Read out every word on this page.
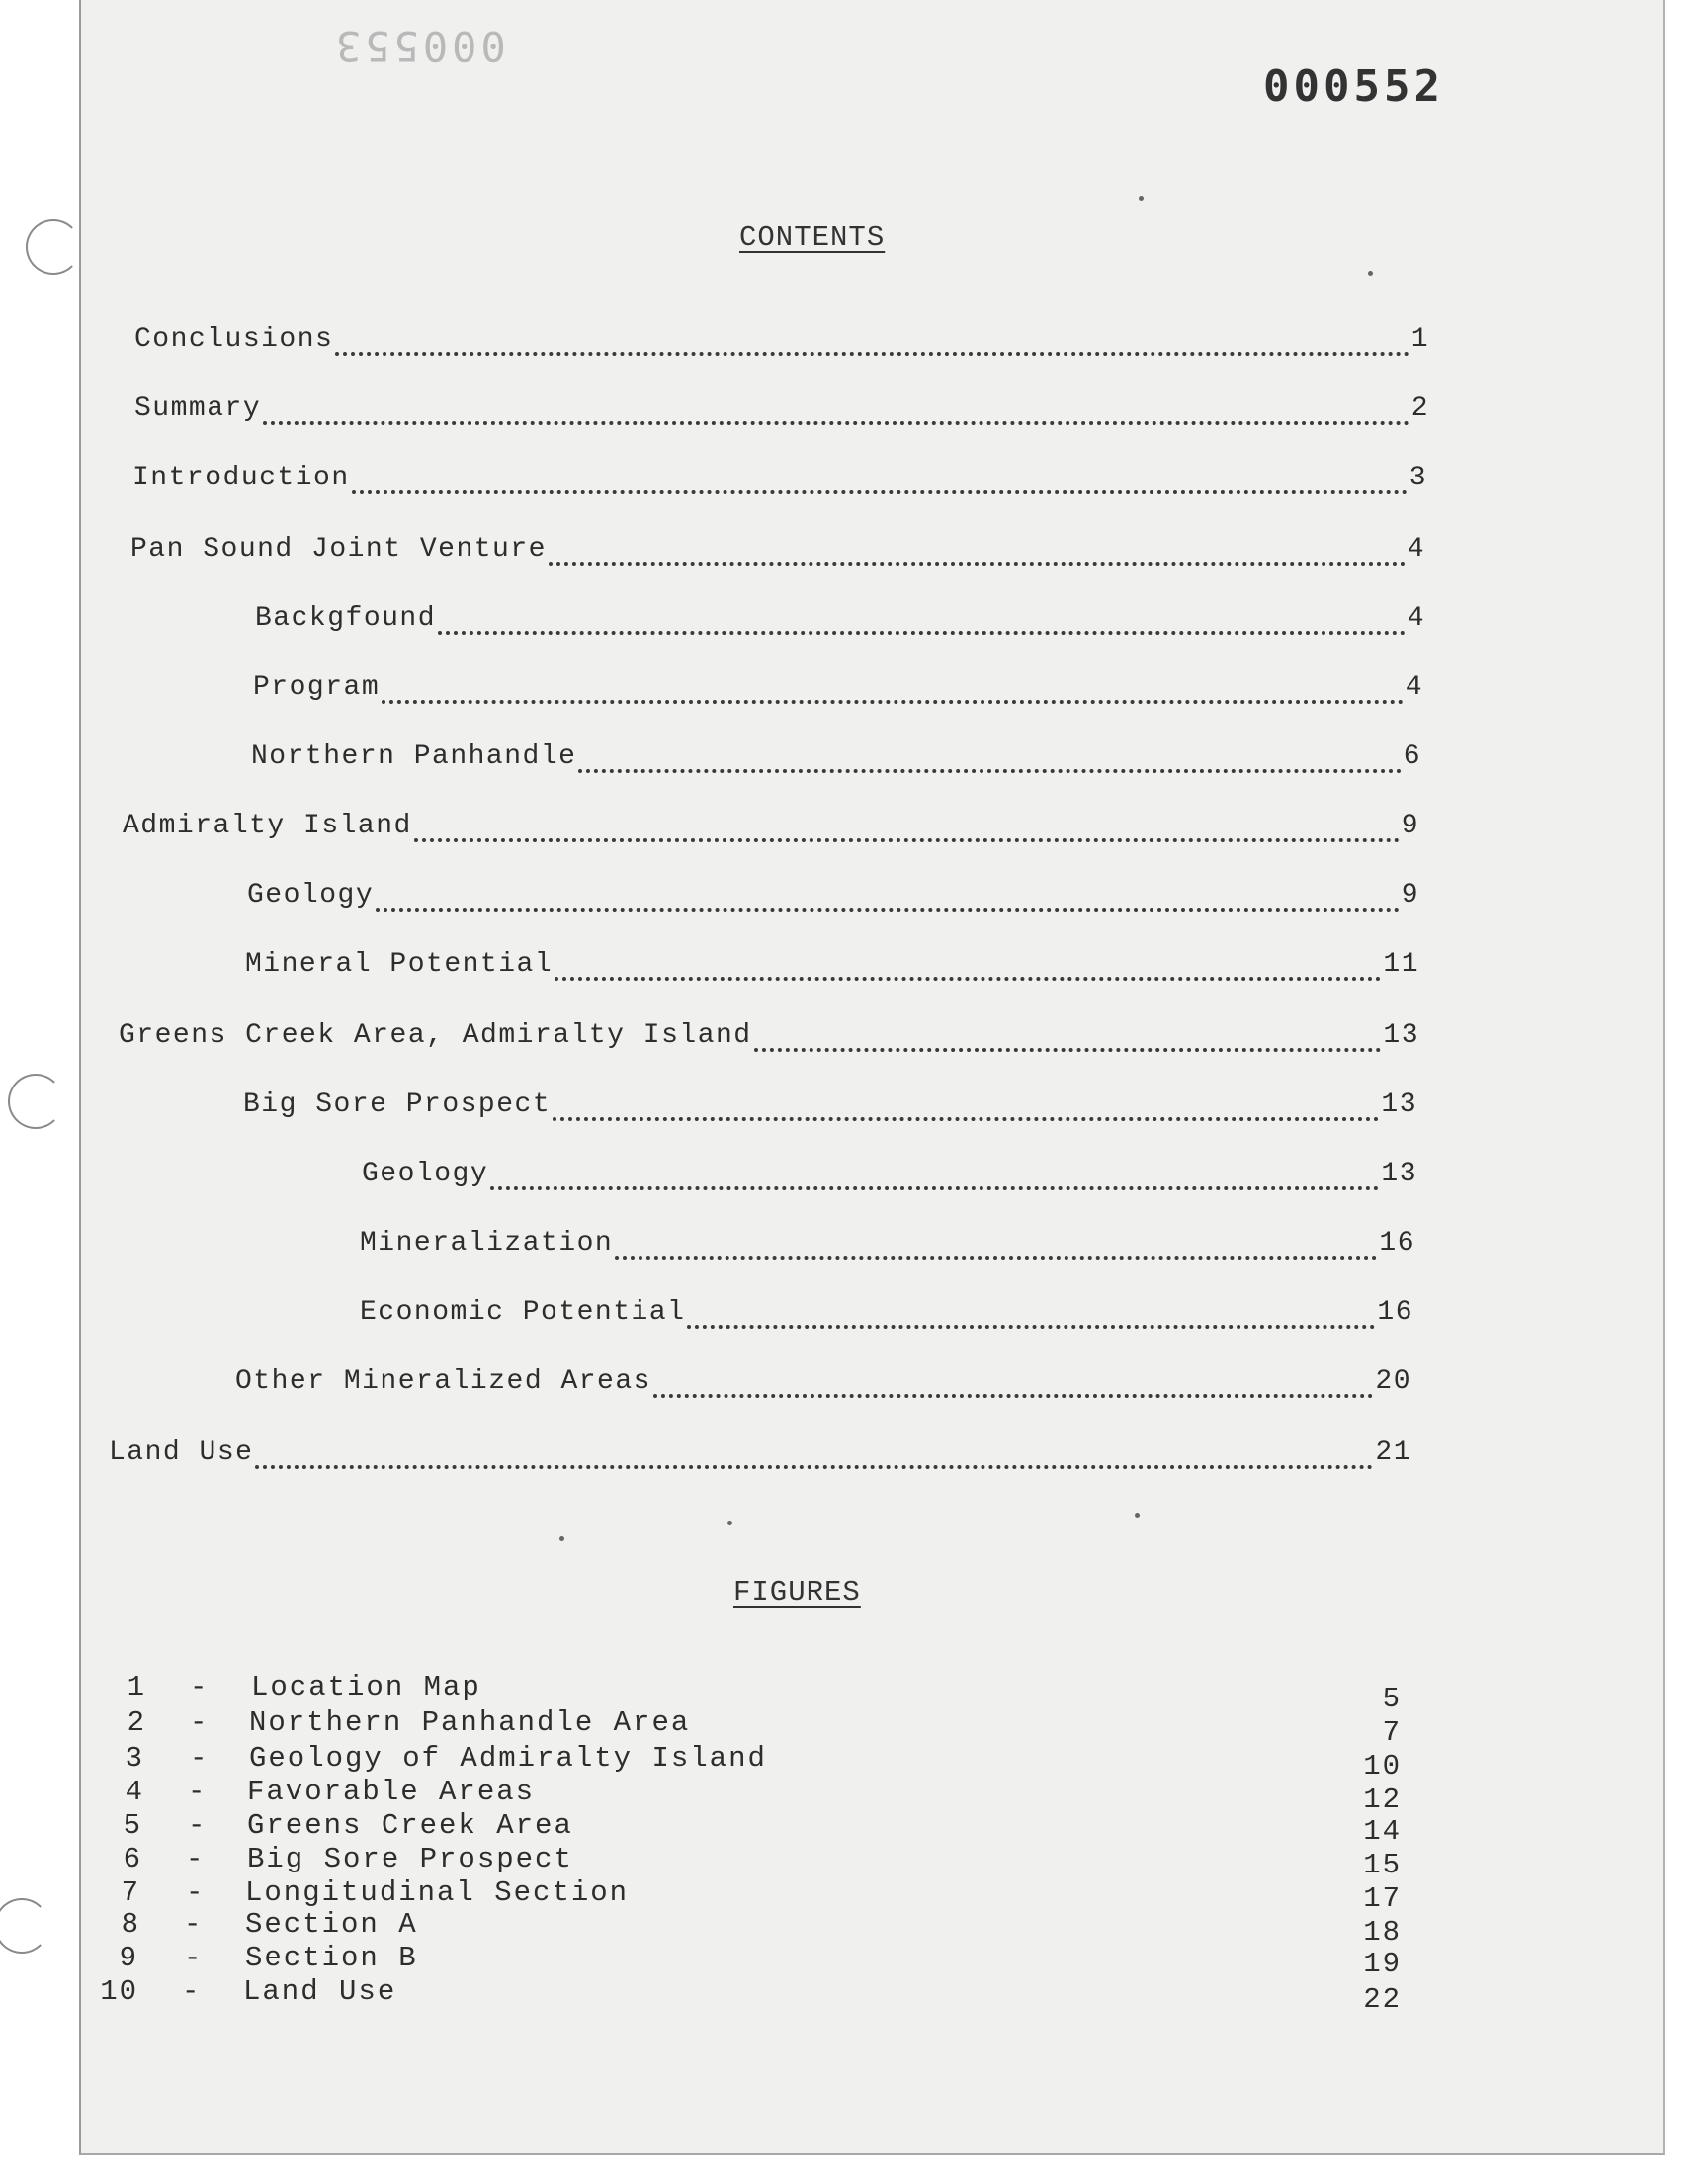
000553
000552
CONTENTS
Conclusions	1
Summary	2
Introduction	3
Pan Sound Joint Venture	4
Backgfound	4
Program	4
Northern Panhandle	6
Admiralty Island	9
Geology	9
Mineral Potential	11
Greens Creek Area, Admiralty Island	13
Big Sore Prospect	13
Geology	13
Mineralization	16
Economic Potential	16
Other Mineralized Areas	20
Land Use	21
FIGURES
1 - Location Map	5
2 - Northern Panhandle Area	7
3 - Geology of Admiralty Island	10
4 - Favorable Areas	12
5 - Greens Creek Area	14
6 - Big Sore Prospect	15
7 - Longitudinal Section	17
8 - Section A	18
9 - Section B	19
10 - Land Use	22
